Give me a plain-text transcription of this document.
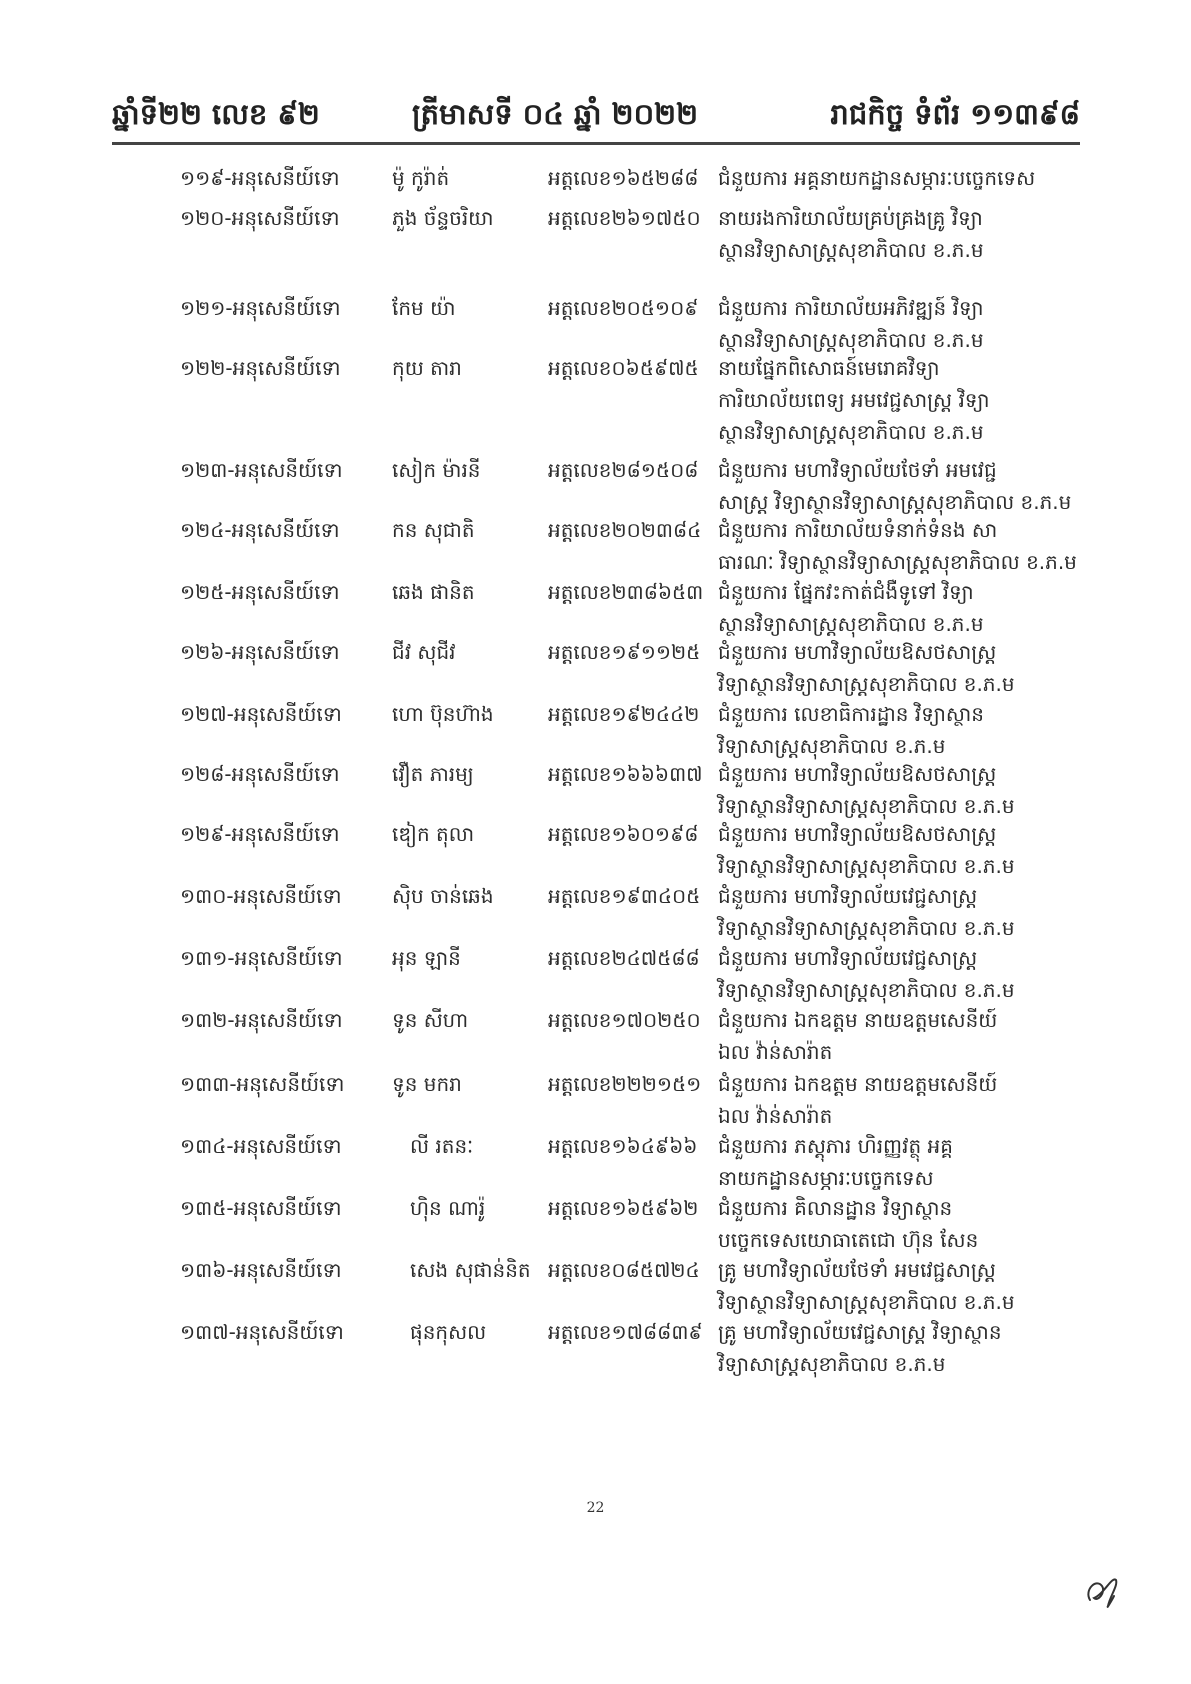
ឆ្នាំទី២២ លេខ ៩២	ត្រីមាសទី ០៤ ឆ្នាំ ២០២២	រាជកិច្ច ទំព័រ ១១៣៩៨
១១៩-អនុសេនីយ៍ទោ	ម៉ូ កូរ៉ាត់	អត្តលេខ១៦៥២៨៨ ជំនួយការ អគ្គនាយកដ្ឋានសម្ភារៈបច្ចេកទេស
១២០-អនុសេនីយ៍ទោ	ភួង ច័ន្ទចរិយា	អត្តលេខ២៦១៧៥០ នាយរងការិយាល័យគ្រប់គ្រងគ្រូ វិទ្យា
ស្ថានវិទ្យាសាស្ត្រសុខាភិបាល ខ.ភ.ម
១២១-អនុសេនីយ៍ទោ	កែម យ៉ា	អត្តលេខ២០៥១០៩ ជំនួយការ ការិយាល័យអភិវឌ្ឍន៍ វិទ្យា
ស្ថានវិទ្យាសាស្ត្រសុខាភិបាល ខ.ភ.ម
១២២-អនុសេនីយ៍ទោ	កុយ តារា	អត្តលេខ០៦៥៩៧៥ នាយផ្នែកពិសោធន៍មេរោគវិទ្យា
ការិយាល័យពេទ្យ អមវេជ្ជសាស្ត្រ វិទ្យា
ស្ថានវិទ្យាសាស្ត្រសុខាភិបាល ខ.ភ.ម
១២៣-អនុសេនីយ៍ទោ សៀក ម៉ារនី	អត្តលេខ២៨១៥០៨ ជំនួយការ មហាវិទ្យាល័យថែទាំ អមវេជ្ជ
សាស្ត្រ វិទ្យាស្ថានវិទ្យាសាស្ត្រសុខាភិបាល ខ.ភ.ម
១២៤-អនុសេនីយ៍ទោ	កន សុជាតិ	អត្តលេខ២០២៣៨៤ ជំនួយការ ការិយាល័យទំនាក់ទំនង សា
ធារណៈ វិទ្យាស្ថានវិទ្យាសាស្ត្រសុខាភិបាល ខ.ភ.ម
១២៥-អនុសេនីយ៍ទោ	ឆេង ផានិត	អត្តលេខ២៣៨៦៥៣ ជំនួយការ ផ្នែកវះកាត់ជំងឺទូទៅ វិទ្យា
ស្ថានវិទ្យាសាស្ត្រសុខាភិបាល ខ.ភ.ម
១២៦-អនុសេនីយ៍ទោ	ជីវ សុជីវ	អត្តលេខ១៩១១២៥ ជំនួយការ មហាវិទ្យាល័យឱសថសាស្ត្រ
វិទ្យាស្ថានវិទ្យាសាស្ត្រសុខាភិបាល ខ.ភ.ម
១២៧-អនុសេនីយ៍ទោ	ហោ ប៊ុនហ៊ាង	អត្តលេខ១៩២៤៤២ ជំនួយការ លេខាធិការដ្ឋាន វិទ្យាស្ថាន
វិទ្យាសាស្ត្រសុខាភិបាល ខ.ភ.ម
១២៨-អនុសេនីយ៍ទោ	វឿត ភារម្យ	អត្តលេខ១៦៦៦៣៧ ជំនួយការ មហាវិទ្យាល័យឱសថសាស្ត្រ
វិទ្យាស្ថានវិទ្យាសាស្ត្រសុខាភិបាល ខ.ភ.ម
១២៩-អនុសេនីយ៍ទោ	ឌៀក តុលា	អត្តលេខ១៦០១៩៨ ជំនួយការ មហាវិទ្យាល័យឱសថសាស្ត្រ
វិទ្យាស្ថានវិទ្យាសាស្ត្រសុខាភិបាល ខ.ភ.ម
១៣០-អនុសេនីយ៍ទោ	ស៊ិប ចាន់ឆេង	អត្តលេខ១៩៣៤០៥ ជំនួយការ មហាវិទ្យាល័យវេជ្ជសាស្ត្រ
វិទ្យាស្ថានវិទ្យាសាស្ត្រសុខាភិបាល ខ.ភ.ម
១៣១-អនុសេនីយ៍ទោ អុន ឡានី	អត្តលេខ២៤៧៥៨៨ ជំនួយការ មហាវិទ្យាល័យវេជ្ជសាស្ត្រ
វិទ្យាស្ថានវិទ្យាសាស្ត្រសុខាភិបាល ខ.ភ.ម
១៣២-អនុសេនីយ៍ទោ ទូន សីហា	អត្តលេខ១៧០២៥០ ជំនួយការ ឯកឧត្តម នាយឧត្តមសេនីយ៍
ឯល វ៉ាន់សារ៉ាត
១៣៣-អនុសេនីយ៍ទោ ទូន មករា	អត្តលេខ២២២១៥១ ជំនួយការ ឯកឧត្តម នាយឧត្តមសេនីយ៍
ឯល វ៉ាន់សារ៉ាត
១៣៤-អនុសេនីយ៍ទោ	លី រតនៈ	អត្តលេខ១៦៤៩៦៦ ជំនួយការ ភស្តុភារ ហិរញ្ញវត្ថុ អគ្គ
នាយកដ្ឋានសម្ភារៈបច្ចេកទេស
១៣៥-អនុសេនីយ៍ទោ	ហ៊ិន ណារ៉ូ	អត្តលេខ១៦៥៩៦២ ជំនួយការ គិលានដ្ឋាន វិទ្យាស្ថាន
បច្ចេកទេសយោធាតេជោ ហ៊ុន សែន
១៣៦-អនុសេនីយ៍ទោ	សេង សុផាន់និត អត្តលេខ០៨៥៧២៤ គ្រូ មហាវិទ្យាល័យថែទាំ អមវេជ្ជសាស្ត្រ
វិទ្យាស្ថានវិទ្យាសាស្ត្រសុខាភិបាល ខ.ភ.ម
១៣៧-អនុសេនីយ៍ទោ	ផុនកុសល	អត្តលេខ១៧៨៨៣៩ គ្រូ មហាវិទ្យាល័យវេជ្ជសាស្ត្រ វិទ្យាស្ថាន
វិទ្យាសាស្ត្រសុខាភិបាល ខ.ភ.ម
22
